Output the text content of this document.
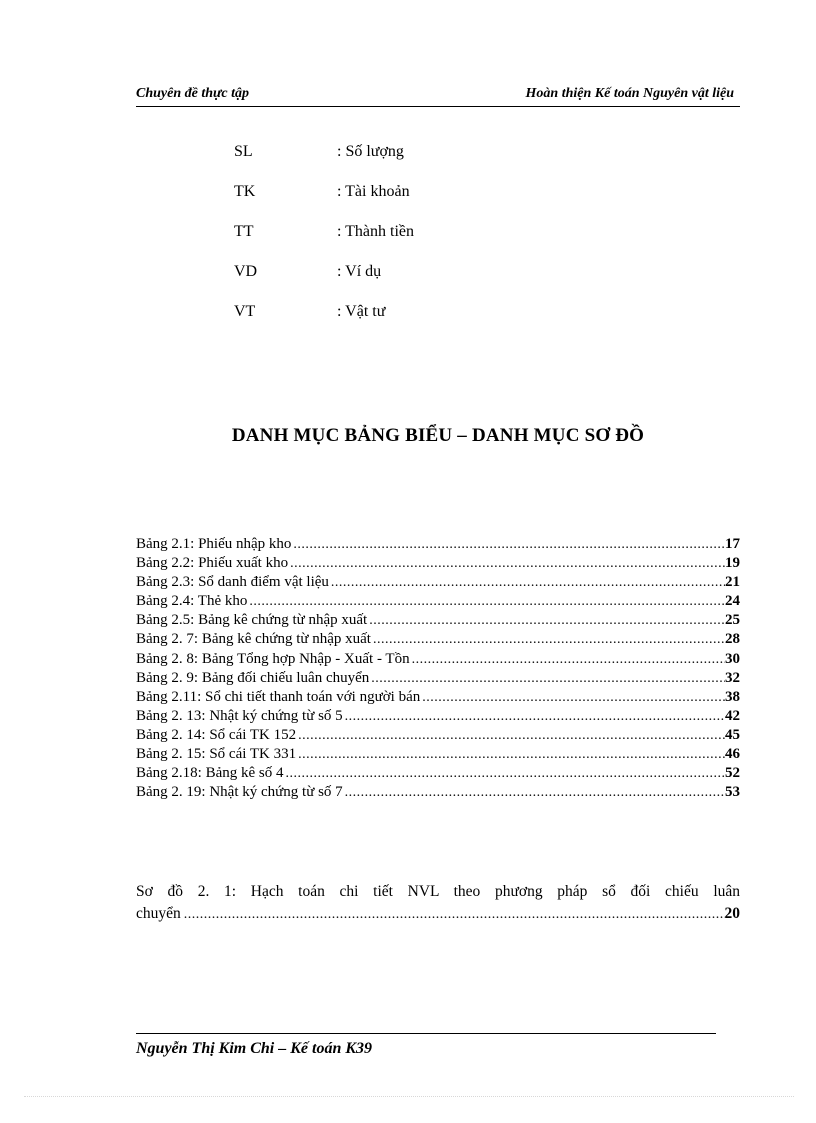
Chuyên đề thực tập	Hoàn thiện Kế toán Nguyên vật liệu
SL	: Số lượng
TK	: Tài khoản
TT	: Thành tiền
VD	: Ví dụ
VT	: Vật tư
DANH MỤC BẢNG BIỂU – DANH MỤC SƠ ĐỒ
Bảng 2.1: Phiếu nhập kho .....	17
Bảng 2.2: Phiếu xuất kho .....	19
Bảng 2.3: Sổ danh điểm vật liệu .....	21
Bảng 2.4: Thẻ kho .....	24
Bảng 2.5: Bảng kê chứng từ nhập xuất .....	25
Bảng 2. 7: Bảng kê chứng từ nhập xuất .....	28
Bảng 2. 8: Bảng Tổng hợp Nhập - Xuất - Tồn .....	30
Bảng 2. 9: Bảng đối chiếu luân chuyển .....	32
Bảng 2.11: Sổ chi tiết thanh toán với người bán .....	38
Bảng 2. 13: Nhật ký chứng từ số 5 .....	42
Bảng 2. 14: Sổ cái TK 152 .....	45
Bảng 2. 15: Sổ cái TK 331 .....	46
Bảng 2.18: Bảng kê số 4 .....	52
Bảng 2. 19: Nhật ký chứng từ số 7 .....	53
Sơ đồ 2. 1: Hạch toán chi tiết NVL theo phương pháp sổ đối chiếu luân
chuyển .....	20
Nguyễn Thị Kim Chi – Kế toán K39
